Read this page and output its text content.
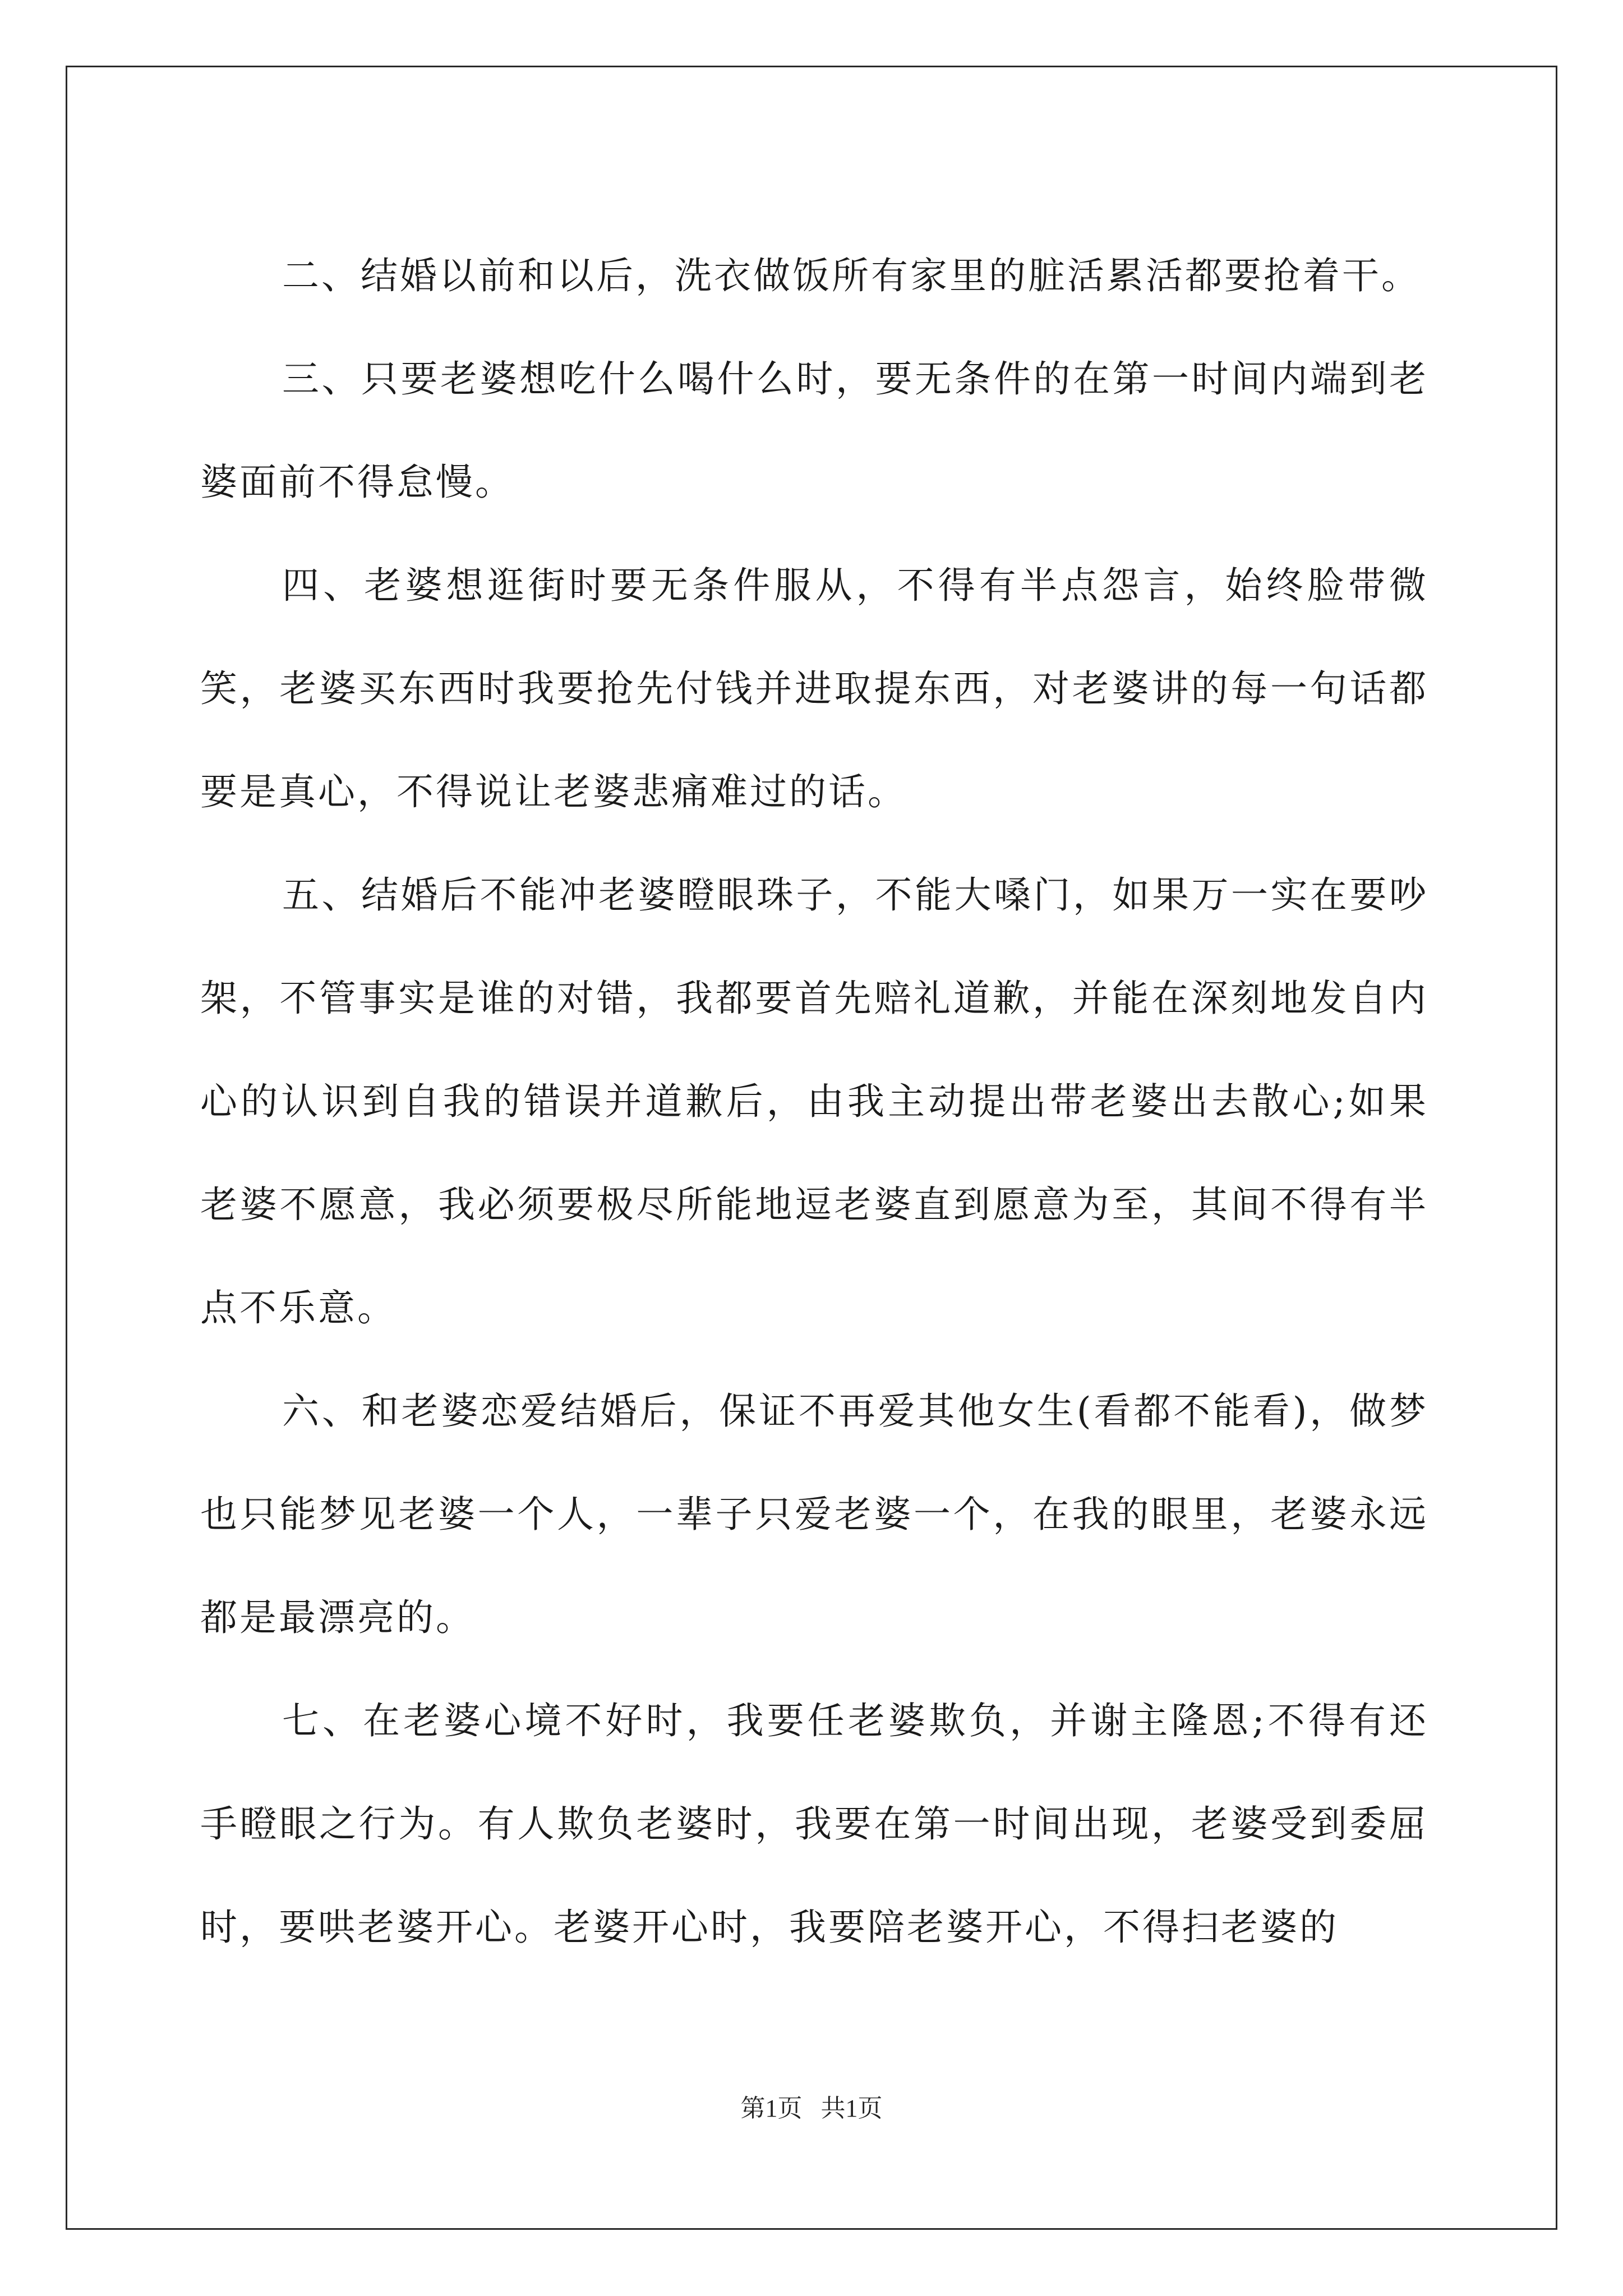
二、结婚以前和以后，洗衣做饭所有家里的脏活累活都要抢着干。

三、只要老婆想吃什么喝什么时，要无条件的在第一时间内端到老婆面前不得怠慢。

四、老婆想逛街时要无条件服从，不得有半点怨言，始终脸带微笑，老婆买东西时我要抢先付钱并进取提东西，对老婆讲的每一句话都要是真心，不得说让老婆悲痛难过的话。

五、结婚后不能冲老婆瞪眼珠子，不能大嗓门，如果万一实在要吵架，不管事实是谁的对错，我都要首先赔礼道歉，并能在深刻地发自内心的认识到自我的错误并道歉后，由我主动提出带老婆出去散心;如果老婆不愿意，我必须要极尽所能地逗老婆直到愿意为至，其间不得有半点不乐意。

六、和老婆恋爱结婚后，保证不再爱其他女生(看都不能看)，做梦也只能梦见老婆一个人，一辈子只爱老婆一个，在我的眼里，老婆永远都是最漂亮的。

七、在老婆心境不好时，我要任老婆欺负，并谢主隆恩;不得有还手瞪眼之行为。有人欺负老婆时，我要在第一时间出现，老婆受到委屈时，要哄老婆开心。老婆开心时，我要陪老婆开心，不得扫老婆的

第1页   共1页
